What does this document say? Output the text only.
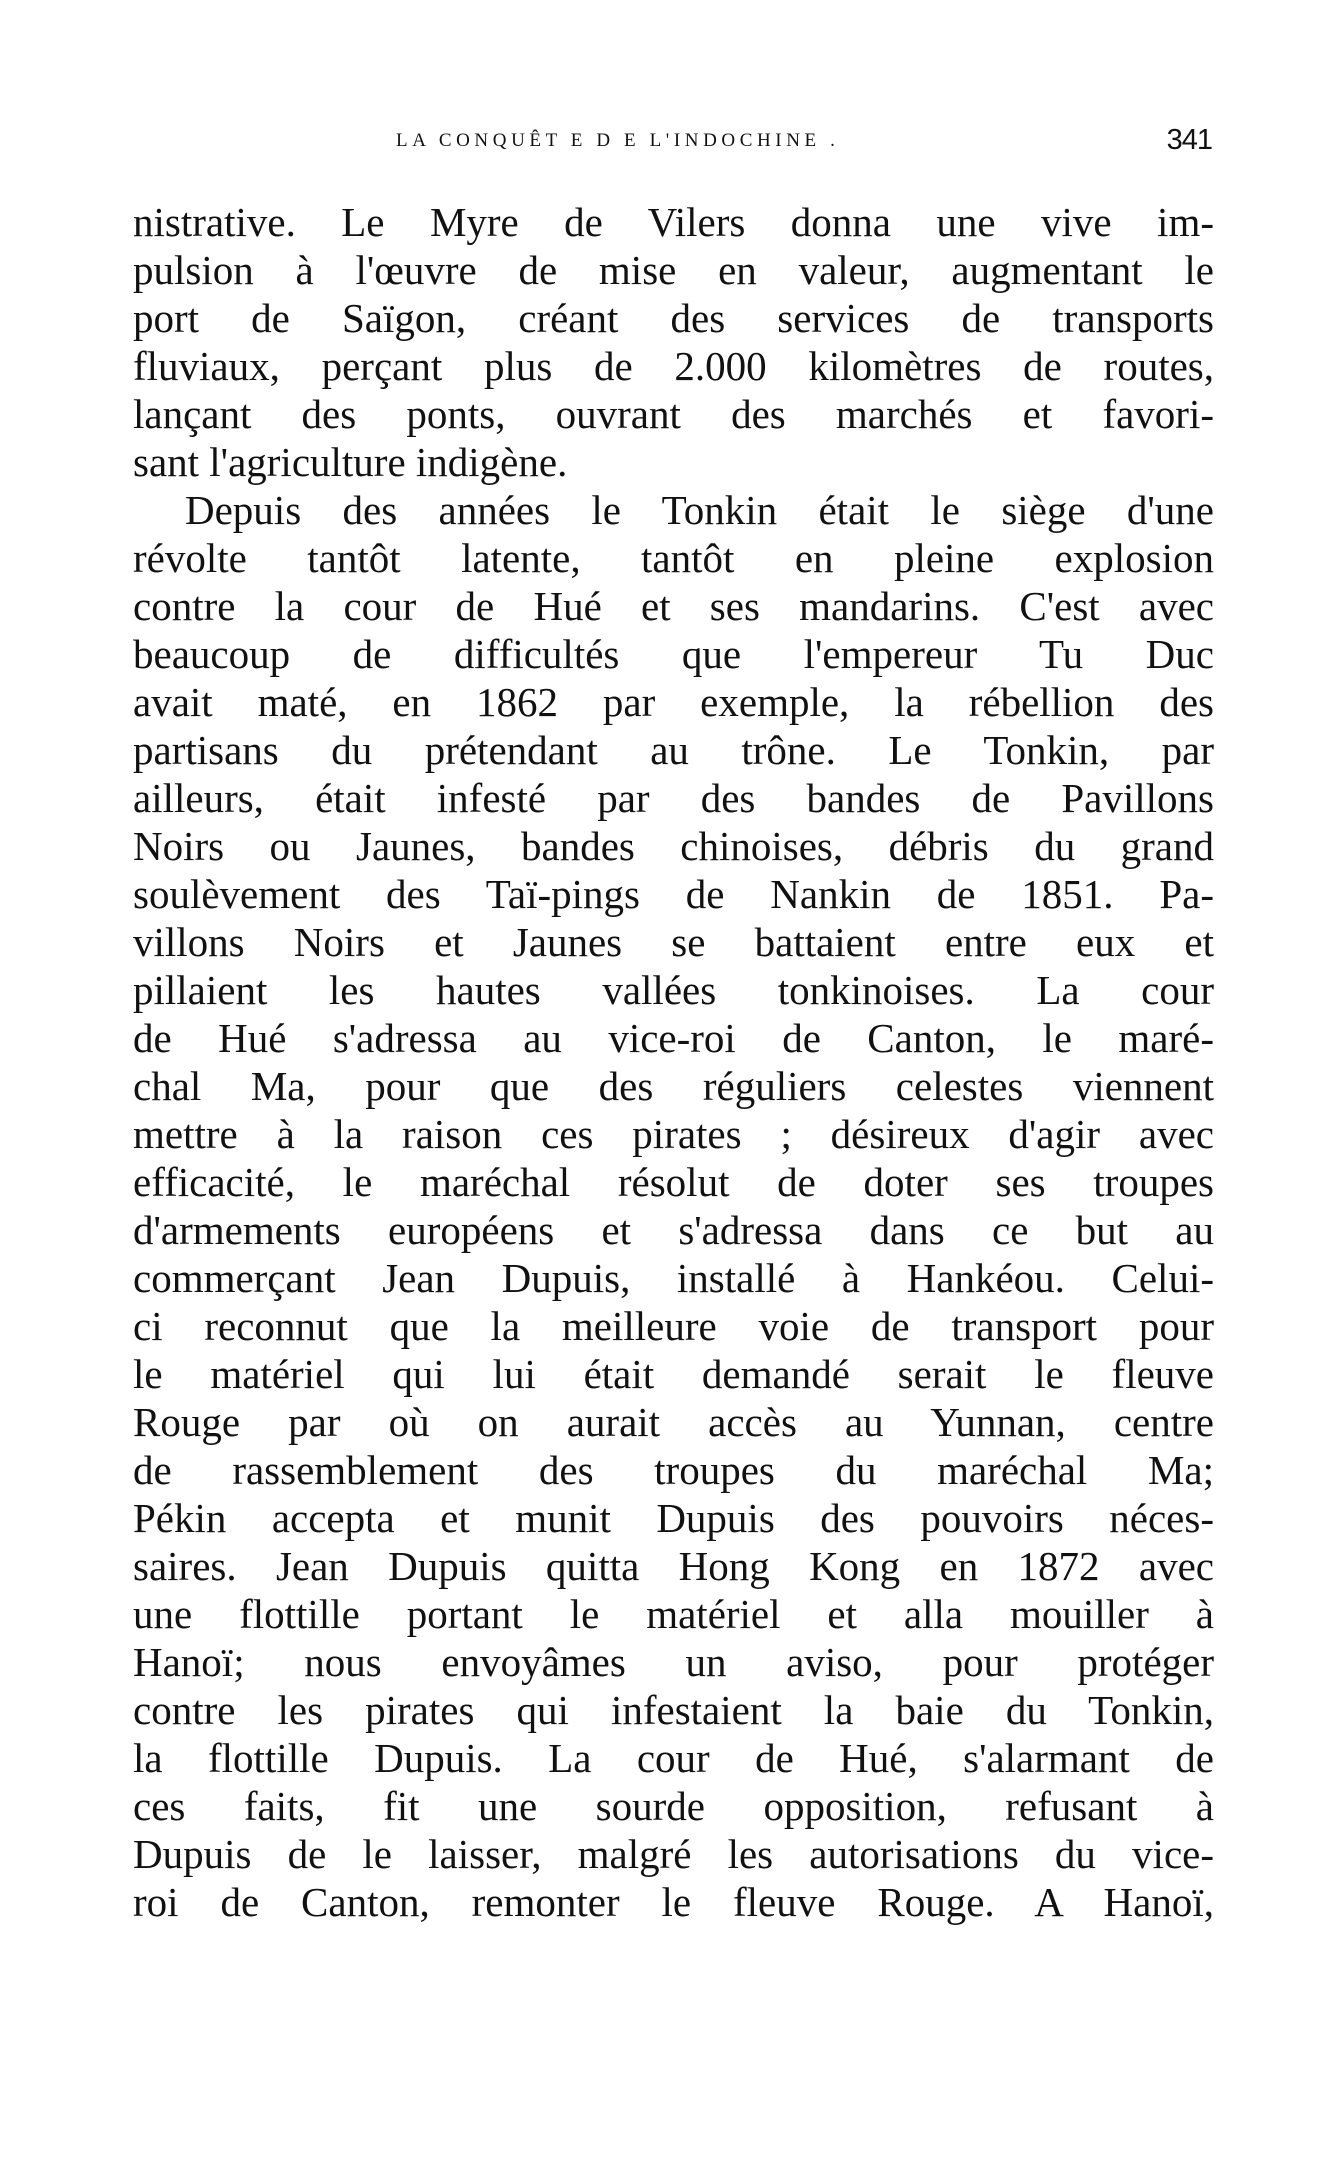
LA CONQUÊT E D E L'INDOCHINE .	341
nistrative. Le Myre de Vilers donna une vive im-
pulsion à l'œuvre de mise en valeur, augmentant le
port de Saïgon, créant des services de transports
fluviaux, perçant plus de 2.000 kilomètres de routes,
lançant des ponts, ouvrant des marchés et favori-
sant l'agriculture indigène.
Depuis des années le Tonkin était le siège d'une
révolte tantôt latente, tantôt en pleine explosion
contre la cour de Hué et ses mandarins. C'est avec
beaucoup de difficultés que l'empereur Tu Duc
avait maté, en 1862 par exemple, la rébellion des
partisans du prétendant au trône. Le Tonkin, par
ailleurs, était infesté par des bandes de Pavillons
Noirs ou Jaunes, bandes chinoises, débris du grand
soulèvement des Taï-pings de Nankin de 1851. Pa-
villons Noirs et Jaunes se battaient entre eux et
pillaient les hautes vallées tonkinoises. La cour
de Hué s'adressa au vice-roi de Canton, le maré-
chal Ma, pour que des réguliers celestes viennent
mettre à la raison ces pirates ; désireux d'agir avec
efficacité, le maréchal résolut de doter ses troupes
d'armements européens et s'adressa dans ce but au
commerçant Jean Dupuis, installé à Hankéou. Celui-
ci reconnut que la meilleure voie de transport pour
le matériel qui lui était demandé serait le fleuve
Rouge par où on aurait accès au Yunnan, centre
de rassemblement des troupes du maréchal Ma;
Pékin accepta et munit Dupuis des pouvoirs néces-
saires. Jean Dupuis quitta Hong Kong en 1872 avec
une flottille portant le matériel et alla mouiller à
Hanoï; nous envoyâmes un aviso, pour protéger
contre les pirates qui infestaient la baie du Tonkin,
la flottille Dupuis. La cour de Hué, s'alarmant de
ces faits, fit une sourde opposition, refusant à
Dupuis de le laisser, malgré les autorisations du vice-
roi de Canton, remonter le fleuve Rouge. A Hanoï,
